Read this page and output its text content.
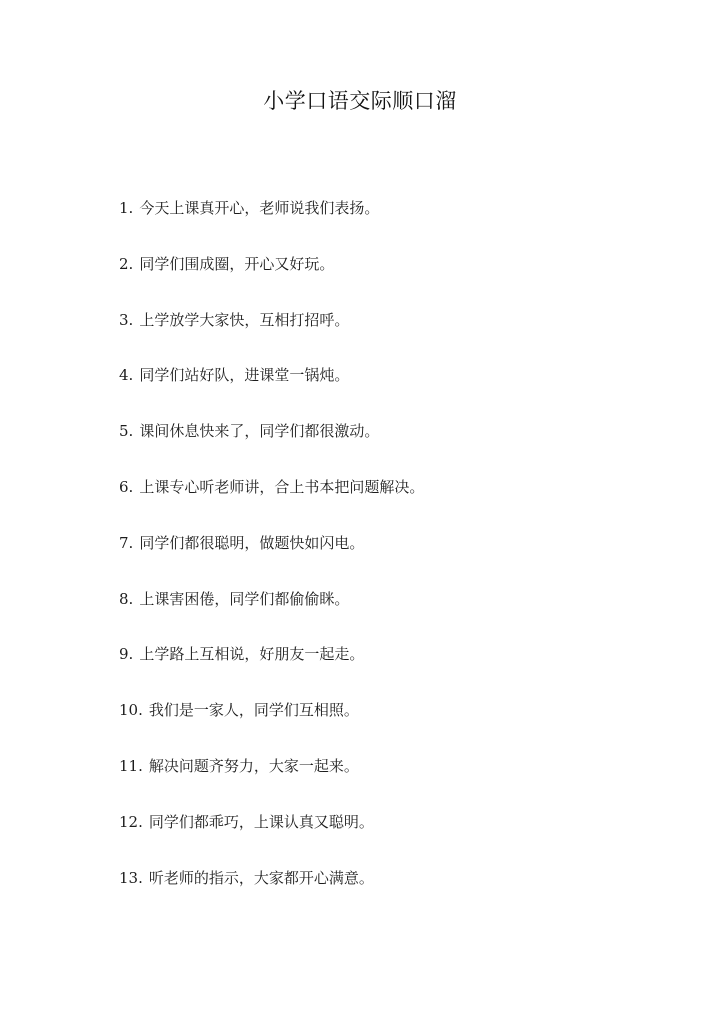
小学口语交际顺口溜
1. 今天上课真开心，老师说我们表扬。
2. 同学们围成圈，开心又好玩。
3. 上学放学大家快，互相打招呼。
4. 同学们站好队，进课堂一锅炖。
5. 课间休息快来了，同学们都很激动。
6. 上课专心听老师讲，合上书本把问题解决。
7. 同学们都很聪明，做题快如闪电。
8. 上课害困倦，同学们都偷偷眯。
9. 上学路上互相说，好朋友一起走。
10. 我们是一家人，同学们互相照。
11. 解决问题齐努力，大家一起来。
12. 同学们都乖巧，上课认真又聪明。
13. 听老师的指示，大家都开心满意。
